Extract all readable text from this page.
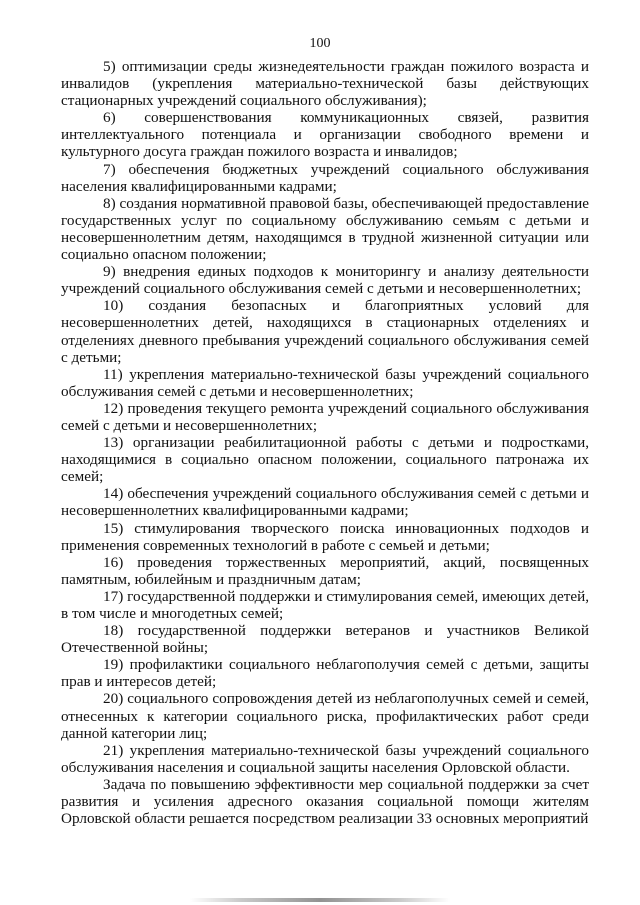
100

5) оптимизации среды жизнедеятельности граждан пожилого возраста и инвалидов (укрепления материально-технической базы действующих стационарных учреждений социального обслуживания);

6) совершенствования коммуникационных связей, развития интеллектуального потенциала и организации свободного времени и культурного досуга граждан пожилого возраста и инвалидов;

7) обеспечения бюджетных учреждений социального обслуживания населения квалифицированными кадрами;

8) создания нормативной правовой базы, обеспечивающей предоставление государственных услуг по социальному обслуживанию семьям с детьми и несовершеннолетним детям, находящимся в трудной жизненной ситуации или социально опасном положении;

9) внедрения единых подходов к мониторингу и анализу деятельности учреждений социального обслуживания семей с детьми и несовершеннолетних;

10) создания безопасных и благоприятных условий для несовершеннолетних детей, находящихся в стационарных отделениях и отделениях дневного пребывания учреждений социального обслуживания семей с детьми;

11) укрепления материально-технической базы учреждений социального обслуживания семей с детьми и несовершеннолетних;

12) проведения текущего ремонта учреждений социального обслуживания семей с детьми и несовершеннолетних;

13) организации реабилитационной работы с детьми и подростками, находящимися в социально опасном положении, социального патронажа их семей;

14) обеспечения учреждений социального обслуживания семей с детьми и несовершеннолетних квалифицированными кадрами;

15) стимулирования творческого поиска инновационных подходов и применения современных технологий в работе с семьей и детьми;

16) проведения торжественных мероприятий, акций, посвященных памятным, юбилейным и праздничным датам;

17) государственной поддержки и стимулирования семей, имеющих детей, в том числе и многодетных семей;

18) государственной поддержки ветеранов и участников Великой Отечественной войны;

19) профилактики социального неблагополучия семей с детьми, защиты прав и интересов детей;

20) социального сопровождения детей из неблагополучных семей и семей, отнесенных к категории социального риска, профилактических работ среди данной категории лиц;

21) укрепления материально-технической базы учреждений социального обслуживания населения и социальной защиты населения Орловской области.

Задача по повышению эффективности мер социальной поддержки за счет развития и усиления адресного оказания социальной помощи жителям Орловской области решается посредством реализации 33 основных мероприятий
